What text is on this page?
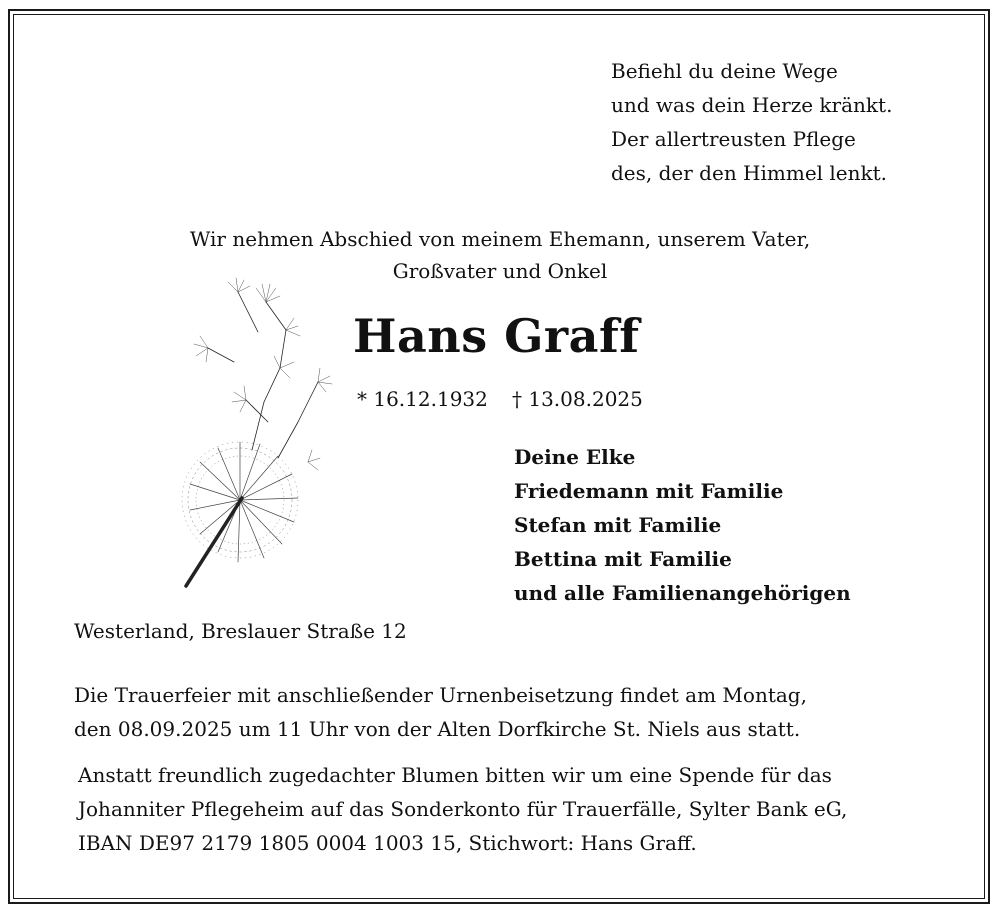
Befiehl du deine Wege
und was dein Herze kränkt.
Der allertreusten Pflege
des, der den Himmel lenkt.
Wir nehmen Abschied von meinem Ehemann, unserem Vater,
Großvater und Onkel
Hans Graff
* 16.12.1932 † 13.08.2025
Deine Elke
Friedemann mit Familie
Stefan mit Familie
Bettina mit Familie
und alle Familienangehörigen
Westerland, Breslauer Straße 12
Die Trauerfeier mit anschließender Urnenbeisetzung findet am Montag,
den 08.09.2025 um 11 Uhr von der Alten Dorfkirche St. Niels aus statt.
Anstatt freundlich zugedachter Blumen bitten wir um eine Spende für das
Johanniter Pflegeheim auf das Sonderkonto für Trauerfälle, Sylter Bank eG,
IBAN DE97 2179 1805 0004 1003 15, Stichwort: Hans Graff.
